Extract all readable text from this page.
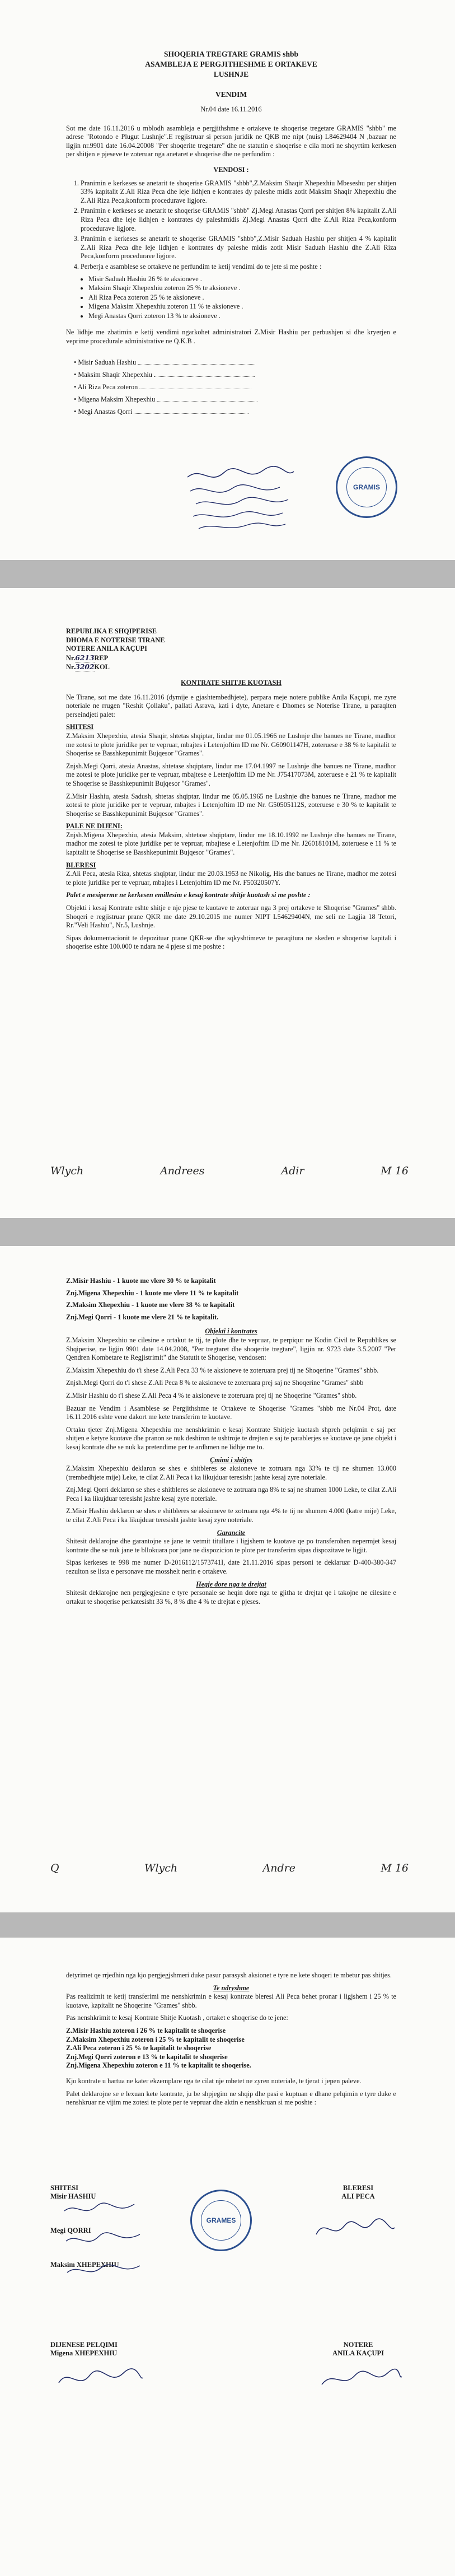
SHOQERIA TREGTARE GRAMIS shbb
ASAMBLEJA E PERGJITHESHME E ORTAKEVE
LUSHNJE
VENDIM
Nr.04 date 16.11.2016

Sot me date 16.11.2016 u mblodh asambleja e pergjithshme e ortakeve te shoqerise tregetare GRAMIS "shbb" me adrese "Rotondo e Plugut Lushnje".E regjistruar si person juridik ne QKB me nipt (nuis) L84629404 N ,bazuar ne ligjin nr.9901 date 16.04.20008 "Per shoqerite tregetare" dhe ne statutin e shoqerise e cila mori ne shqyrtim kerkesen per shitjen e pjeseve te zoteruar nga anetaret e shoqerise dhe ne perfundim :

VENDOSI :
1. Pranimin e kerkeses se anetarit te shoqerise GRAMIS "shbb",Z.Maksim Shaqir Xhepexhiu Mbeseshu per shitjen 33% kapitalit Z.Ali Riza Peca dhe leje lidhjen e kontrates dy paleshe midis zotit Maksim Shaqir Xhepexhiu dhe Z.Ali Riza Peca,konform procedurave ligjore.
2. Pranimin e kerkeses se anetarit te shoqerise GRAMIS "shbb" Zj.Megi Anastas Qorri per shitjen 8% kapitalit Z.Ali Riza Peca dhe leje lidhjen e kontrates dy paleshmidis Zj.Megi Anastas Qorri dhe Z.Ali Riza Peca,konform procedurave ligjore.
3. Pranimin e kerkeses se anetarit te shoqerise GRAMIS "shbb",Z.Misir Saduah Hashiu per shitjen 4 % kapitalit Z.Ali Riza Peca dhe leje lidhjen e kontrates dy paleshe midis zotit Misir Saduah Hashiu dhe Z.Ali Riza Peca,konform procedurave ligjore.
4. Perberja e asamblese se ortakeve ne perfundim te ketij vendimi do te jete si me poshte :
• Misir Saduah Hashiu 26 % te aksioneve .
• Maksim Shaqir Xhepexhiu zoteron 25 % te aksioneve .
• Ali Riza Peca zoteron 25 % te aksioneve .
• Migena Maksim Xhepexhiu zoteron 11 % te aksioneve .
• Megi Anastas Qorri zoteron 13 % te aksioneve .

Ne lidhje me zbatimin e ketij vendimi ngarkohet administratori Z.Misir Hashiu per perbushjen si dhe kryerjen e veprime procedurale administrative ne Q.K.B .

• Misir Saduah Hashiu
• Maksim Shaqir Xhepexhiu
• Ali Riza Peca zoteron
• Migena Maksim Xhepexhiu
• Megi Anastas Qorri
GRAMIS
REPUBLIKA E SHQIPERISE
DHOMA E NOTERISE TIRANE
NOTERE ANILA KAÇUPI
Nr.6213REP
Nr.3202KOL
KONTRATE SHITJE KUOTASH

Ne Tirane, sot me date 16.11.2016 (dymije e gjashtembedhjete), perpara meje notere publike Anila Kaçupi, me zyre noteriale ne rrugen "Reshit Çollaku", pallati Asrava, kati i dyte, Anetare e Dhomes se Noterise Tirane, u paraqiten perseindjeti palet:

SHITESI

Z.Maksim Xhepexhiu, atesia Shaqir, shtetas shqiptar, lindur me 01.05.1966 ne Lushnje dhe banues ne Tirane, madhor me zotesi te plote juridike per te vepruar, mbajtes i Letenjoftim ID me Nr. G60901147H, zoteruese e 38 % te kapitalit te Shoqerise se Basshkepunimit Bujqesor "Grames".

Znjsh.Megi Qorri, atesia Anastas, shtetase shqiptare, lindur me 17.04.1997 ne Lushnje dhe banues ne Tirane, madhor me zotesi te plote juridike per te vepruar, mbajtese e Letenjoftim ID me Nr. J75417073M, zoteruese e 21 % te kapitalit te Shoqerise se Basshkepunimit Bujqesor "Grames".

Z.Misir Hashiu, atesia Sadush, shtetas shqiptar, lindur me 05.05.1965 ne Lushnje dhe banues ne Tirane, madhor me zotesi te plote juridike per te vepruar, mbajtes i Letenjoftim ID me Nr. G50505112S, zoteruese e 30 % te kapitalit te Shoqerise se Basshkepunimit Bujqesor "Grames".

PALE NE DIJENI:

Znjsh.Migena Xhepexhiu, atesia Maksim, shtetase shqiptare, lindur me 18.10.1992 ne Lushnje dhe banues ne Tirane, madhor me zotesi te plote juridike per te vepruar, mbajtese e Letenjoftim ID me Nr. J26018101M, zoteruese e 11 % te kapitalit te Shoqerise se Basshkepunimit Bujqesor "Grames".

BLERESI

Z.Ali Peca, atesia Riza, shtetas shqiptar, lindur me 20.03.1953 ne Nikolig, His dhe banues ne Tirane, madhor me zotesi te plote juridike per te vepruar, mbajtes i Letenjoftim ID me Nr. F50320507Y.

Palet e mesiperme ne kerkesen emillesim e kesaj kontrate shitje kuotash si me poshte :

Objekti i kesaj Kontrate eshte shitje e nje pjese te kuotave te zoteruar nga 3 prej ortakeve te Shoqerise "Grames" shbb. Shoqeri e regjistruar prane QKR me date 29.10.2015 me numer NIPT L54629404N, me seli ne Lagjia 18 Tetori, Rr."Veli Hashiu", Nr.5, Lushnje.

Sipas dokumentacionit te depozituar prane QKR-se dhe sqkyshtimeve te paraqitura ne skeden e shoqerise kapitali i shoqerise eshte 100.000 te ndara ne 4 pjese si me poshte :

Wlych	Andrees	Adir	M 16
Z.Misir Hashiu - 1 kuote me vlere 30 % te kapitalit
Znj.Migena Xhepexhiu - 1 kuote me vlere 11 % te kapitalit
Z.Maksim Xhepexhiu - 1 kuote me vlere 38 % te kapitalit
Znj.Megi Qorri - 1 kuote me vlere 21 % te kapitalit.
Objekti i kontrates

Z.Maksim Xhepexhiu ne cilesine e ortakut te tij, te plote dhe te vepruar, te perpiqur ne Kodin Civil te Republikes se Shqiperise, ne ligjin 9901 date 14.04.2008, "Per tregtaret dhe shoqerite tregtare", ligjin nr. 9723 date 3.5.2007 "Per Qendren Kombetare te Regjistrimit" dhe Statutit te Shoqerise, vendosen:

Z.Maksim Xhepexhiu do t'i shese Z.Ali Peca 33 % te aksioneve te zoteruara prej tij ne Shoqerine "Grames" shbb.

Znjsh.Megi Qorri do t'i shese Z.Ali Peca 8 % te aksioneve te zoteruara prej saj ne Shoqerine "Grames" shbb

Z.Misir Hashiu do t'i shese Z.Ali Peca 4 % te aksioneve te zoteruara prej tij ne Shoqerine "Grames" shbb.

Bazuar ne Vendim i Asamblese se Pergjithshme te Ortakeve te Shoqerise "Grames "shbb me Nr.04 Prot, date 16.11.2016 eshte vene dakort me kete transferim te kuotave.

Ortaku tjeter Znj.Migena Xhepexhiu me nenshkrimin e kesaj Kontrate Shitjeje kuotash shpreh pelqimin e saj per shitjen e ketyre kuotave dhe pranon se nuk deshiron te ushtroje te drejten e saj te parablerjes se kuotave qe jane objekt i kesaj kontrate dhe se nuk ka pretendime per te ardhmen ne lidhje me to.

Çmimi i shitjes

Z.Maksim Xhepexhiu deklaron se shes e shitbleres se aksioneve te zotruara nga 33% te tij ne shumen 13.000 (trembedhjete mije) Leke, te cilat Z.Ali Peca i ka likujduar teresisht jashte kesaj zyre noteriale.

Znj.Megi Qorri deklaron se shes e shitbleres se aksioneve te zotruara nga 8% te saj ne shumen 1000 Leke, te cilat Z.Ali Peca i ka likujduar teresisht jashte kesaj zyre noteriale.

Z.Misir Hashiu deklaron se shes e shitbleres se aksioneve te zotruara nga 4% te tij ne shumen 4.000 (katre mije) Leke, te cilat Z.Ali Peca i ka likujduar teresisht jashte kesaj zyre noteriale.

Garancite

Shitesit deklarojne dhe garantojne se jane te vetmit titullare i ligjshem te kuotave qe po transferohen nepermjet kesaj kontrate dhe se nuk jane te bllokuara por jane ne dispozicion te plote per transferim sipas dispozitave te ligjit.

Sipas kerkeses te 998 me numer D-2016112/1573741I, date 21.11.2016 sipas personi te deklaruar D-400-380-347 rezulton se lista e personave me mosshelt nerin e ortakeve.

Hegje dore nga te drejtat

Shitesit deklarojne nen pergjegjesine e tyre personale se heqin dore nga te gjitha te drejtat qe i takojne ne cilesine e ortakut te shoqerise perkatesisht 33 %, 8 % dhe 4 % te drejtat e pjeses.

Q	Wlych	Andre	M 16

detyrimet qe rrjedhin nga kjo pergjegjshmeri duke pasur parasysh aksionet e tyre ne kete shoqeri te mbetur pas shitjes.

Te ndryshme

Pas realizimit te ketij transferimi me nenshkrimin e kesaj kontrate bleresi Ali Peca behet pronar i ligjshem i 25 % te kuotave, kapitalit ne Shoqerine "Grames" shbb.

Pas nenshkrimit te kesaj Kontrate Shitje Kuotash , ortaket e shoqerise do te jene:

Z.Misir Hashiu zoteron i 26 % te kapitalit te shoqerise
Z.Maksim Xhepexhiu zoteron i 25 % te kapitalit te shoqerise
Z.Ali Peca zoteron i 25 % te kapitalit te shoqerise
Znj.Megi Qorri zoteron e 13 % te kapitalit te shoqerise
Znj.Migena Xhepexhiu zoteron e 11 % te kapitalit te shoqerise.

Kjo kontrate u hartua ne kater ekzemplare nga te cilat nje mbetet ne zyren noteriale, te tjerat i jepen paleve.

Palet deklarojne se e lexuan kete kontrate, ju be shpjegim ne shqip dhe pasi e kuptuan e dhane pelqimin e tyre duke e nenshkruar ne vijim me zotesi te plote per te vepruar dhe aktin e nenshkruan si me poshte :

SHITESI
Misir HASHIU
Megi QORRI
Maksim XHEPEXHIU
GRAMES
BLERESI
ALI PECA
DIJENESE PELQIMI
Migena XHEPEXHIU
NOTERE
ANILA KAÇUPI
